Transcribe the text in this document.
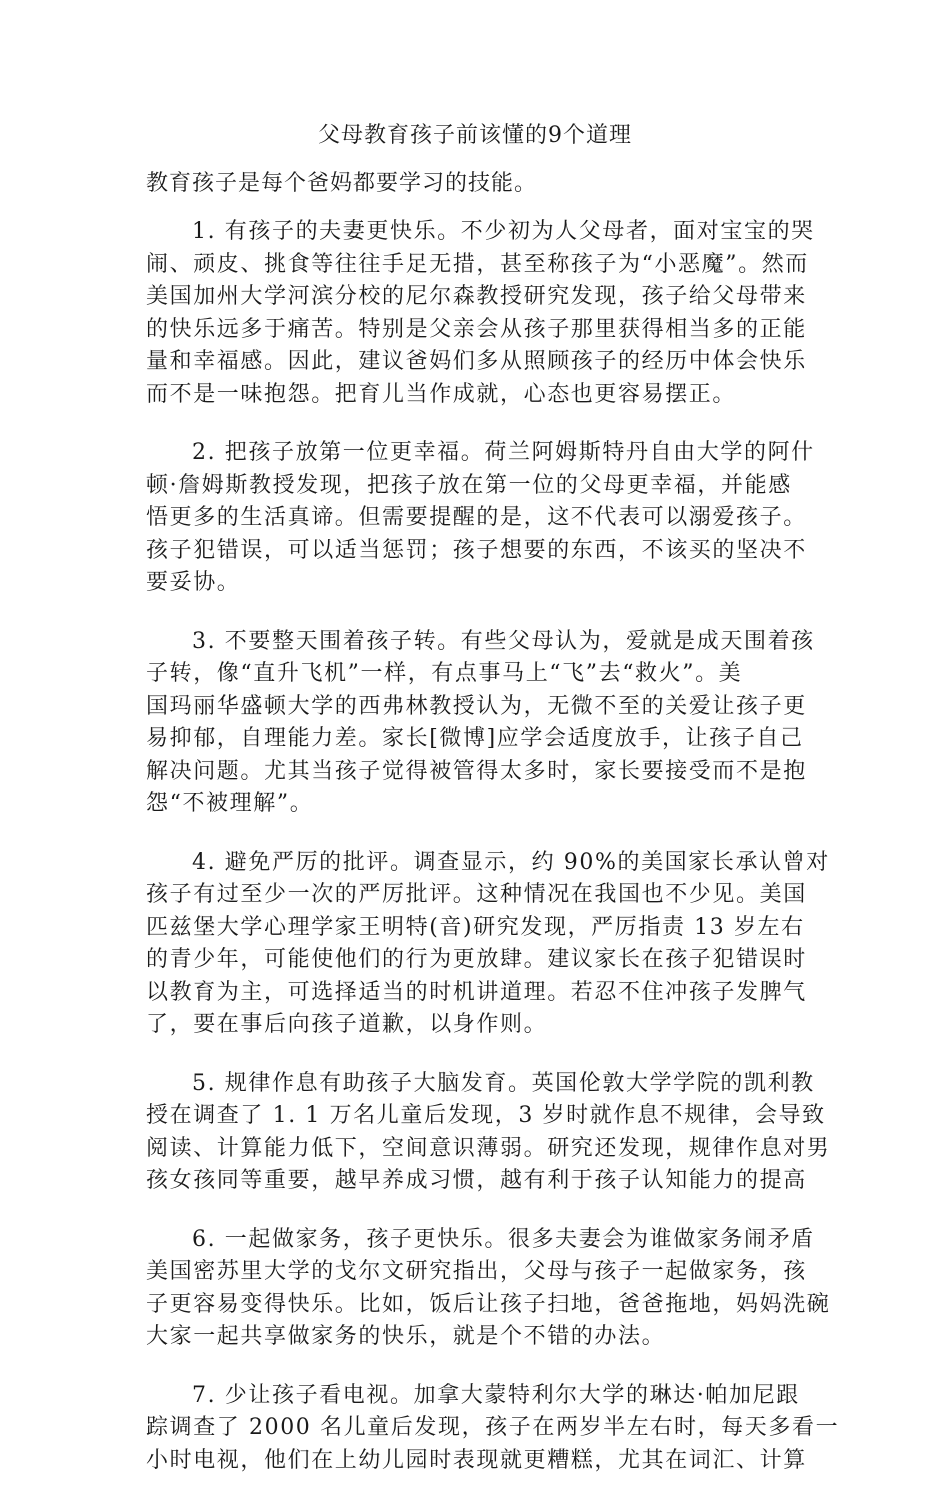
父母教育孩子前该懂的9个道理
教育孩子是每个爸妈都要学习的技能。
1. 有孩子的夫妻更快乐。不少初为人父母者，面对宝宝的哭
闹、顽皮、挑食等往往手足无措，甚至称孩子为“小恶魔”。然而
美国加州大学河滨分校的尼尔森教授研究发现，孩子给父母带来
的快乐远多于痛苦。特别是父亲会从孩子那里获得相当多的正能
量和幸福感。因此，建议爸妈们多从照顾孩子的经历中体会快乐
而不是一味抱怨。把育儿当作成就，心态也更容易摆正。
2. 把孩子放第一位更幸福。荷兰阿姆斯特丹自由大学的阿什
顿·詹姆斯教授发现，把孩子放在第一位的父母更幸福，并能感
悟更多的生活真谛。但需要提醒的是，这不代表可以溺爱孩子。
孩子犯错误，可以适当惩罚；孩子想要的东西，不该买的坚决不
要妥协。
3. 不要整天围着孩子转。有些父母认为，爱就是成天围着孩
子转，像“直升飞机”一样，有点事马上“飞”去“救火”。美
国玛丽华盛顿大学的西弗林教授认为，无微不至的关爱让孩子更
易抑郁，自理能力差。家长[微博]应学会适度放手，让孩子自己
解决问题。尤其当孩子觉得被管得太多时，家长要接受而不是抱
怨“不被理解”。
4. 避免严厉的批评。调查显示，约 90%的美国家长承认曾对
孩子有过至少一次的严厉批评。这种情况在我国也不少见。美国
匹兹堡大学心理学家王明特(音)研究发现，严厉指责 13 岁左右
的青少年，可能使他们的行为更放肆。建议家长在孩子犯错误时
以教育为主，可选择适当的时机讲道理。若忍不住冲孩子发脾气
了，要在事后向孩子道歉，以身作则。
5. 规律作息有助孩子大脑发育。英国伦敦大学学院的凯利教
授在调查了 1. 1 万名儿童后发现，3 岁时就作息不规律，会导致
阅读、计算能力低下，空间意识薄弱。研究还发现，规律作息对男
孩女孩同等重要，越早养成习惯，越有利于孩子认知能力的提高
6. 一起做家务，孩子更快乐。很多夫妻会为谁做家务闹矛盾
美国密苏里大学的戈尔文研究指出，父母与孩子一起做家务，孩
子更容易变得快乐。比如，饭后让孩子扫地，爸爸拖地，妈妈洗碗
大家一起共享做家务的快乐，就是个不错的办法。
7. 少让孩子看电视。加拿大蒙特利尔大学的琳达·帕加尼跟
踪调查了 2000 名儿童后发现，孩子在两岁半左右时，每天多看一
小时电视，他们在上幼儿园时表现就更糟糕，尤其在词汇、计算
